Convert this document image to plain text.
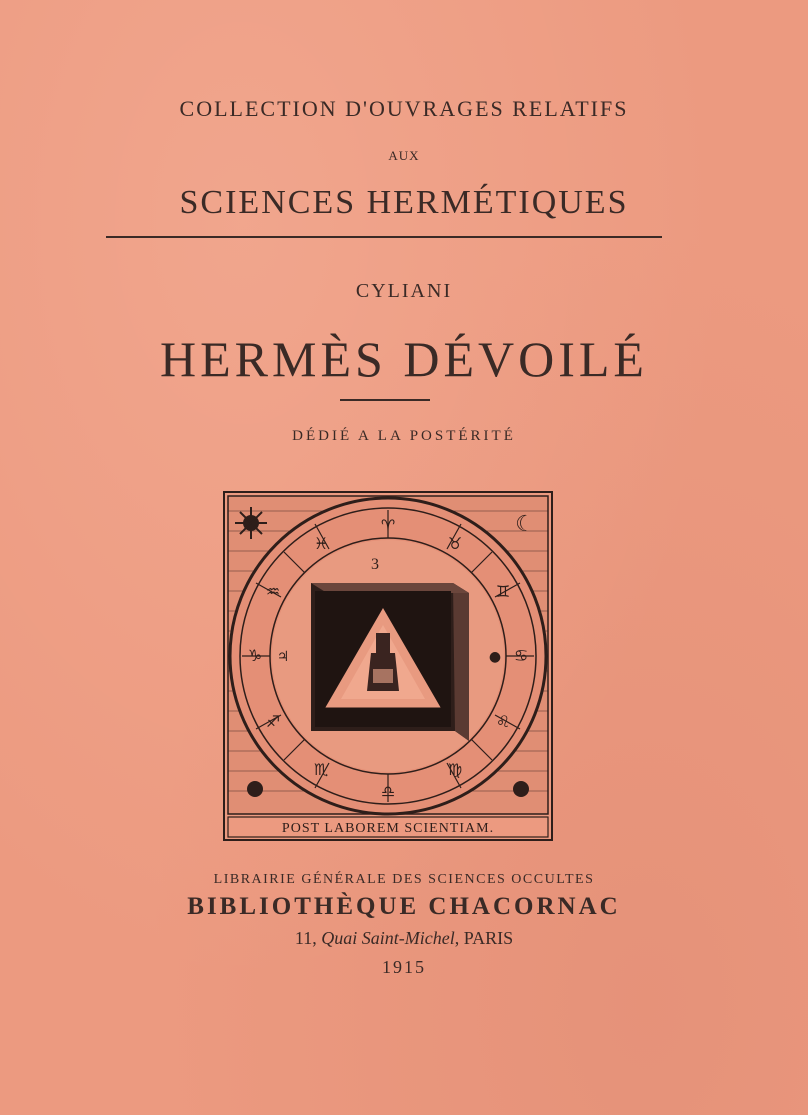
COLLECTION D'OUVRAGES RELATIFS
AUX
SCIENCES HERMÉTIQUES
CYLIANI
HERMÈS DÉVOILÉ
DÉDIÉ A LA POSTÉRITÉ
♈
♉
♊
♋
♌
♍
♎
♏
♐
♑
♒
♓
♃	●
3
☾
POST LABOREM SCIENTIAM.
LIBRAIRIE GÉNÉRALE DES SCIENCES OCCULTES
BIBLIOTHÈQUE CHACORNAC
11, Quai Saint-Michel, PARIS
1915
